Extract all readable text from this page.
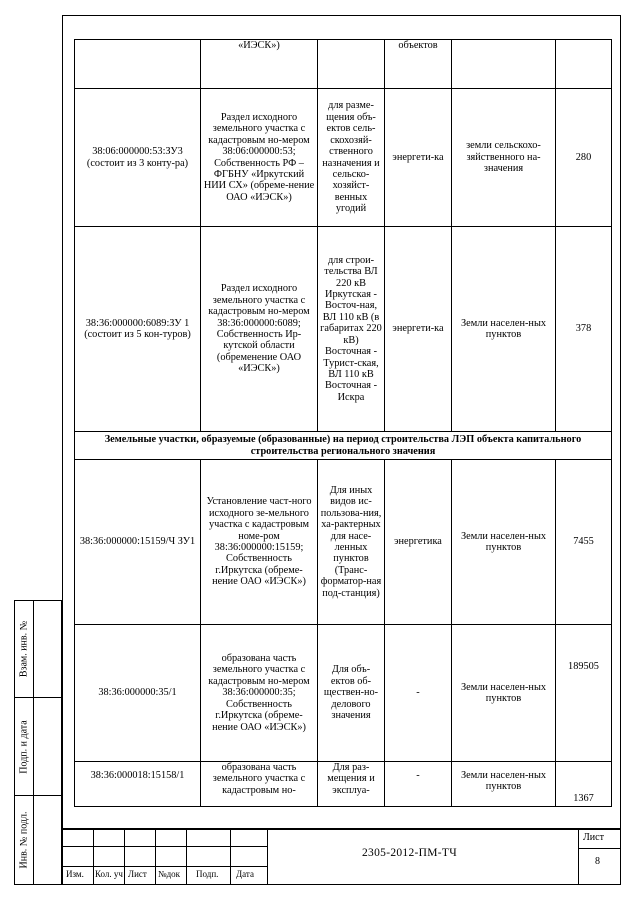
	«ИЭСК»)		объектов		
38:06:000000:53:ЗУ3 (состоит из 3 конту-ра)	Раздел исходного земельного участка с кадастровым но-мером 38:06:000000:53; Собственность РФ – ФГБНУ «Иркутский НИИ СХ» (обреме-нение ОАО «ИЭСК»)	для разме-щения объ-ектов сель-скохозяй-ственного назначения и сельско-хозяйст-венных угодий	энергети-ка	земли сельскохо-зяйственного на-значения	280
38:36:000000:6089:ЗУ 1 (состоит из 5 кон-туров)	Раздел исходного земельного участка с кадастровым но-мером 38:36:000000:6089; Собственность Ир-кутской области (обременение ОАО «ИЭСК»)	для строи-тельства ВЛ 220 кВ Иркутская - Восточ-ная, ВЛ 110 кВ (в габаритах 220 кВ) Восточная - Турист-ская, ВЛ 110 кВ Восточная - Искра	энергети-ка	Земли населен-ных пунктов	378
Земельные участки, образуемые (образованные) на период строительства ЛЭП объекта капитального строительства регионального значения					
38:36:000000:15159/Ч ЗУ1	Установление част-ного исходного зе-мельного участка с кадастровым номе-ром 38:36:000000:15159; Собственность г.Иркутска (обреме-нение ОАО «ИЭСК»)	Для иных видов ис-пользова-ния, ха-рактерных для насе-ленных пунктов (Транс-форматор-ная под-станция)	энергетика	Земли населен-ных пунктов	7455
38:36:000000:35/1	образована часть земельного участка с кадастровым но-мером 38:36:000000:35; Собственность г.Иркутска (обреме-нение ОАО «ИЭСК»)	Для объ-ектов об-ществен-но-делового значения	-	Земли населен-ных пунктов	189505
38:36:000018:15158/1	образована часть земельного участка с кадастровым но-	Для раз-мещения и эксплуа-	-	Земли населен-ных пунктов	1367
Взам. инв. №
Подп. и дата
Инв. № подл.
Изм. Кол. уч Лист №док Подп. Дата
2305-2012-ПМ-ТЧ
Лист
8
